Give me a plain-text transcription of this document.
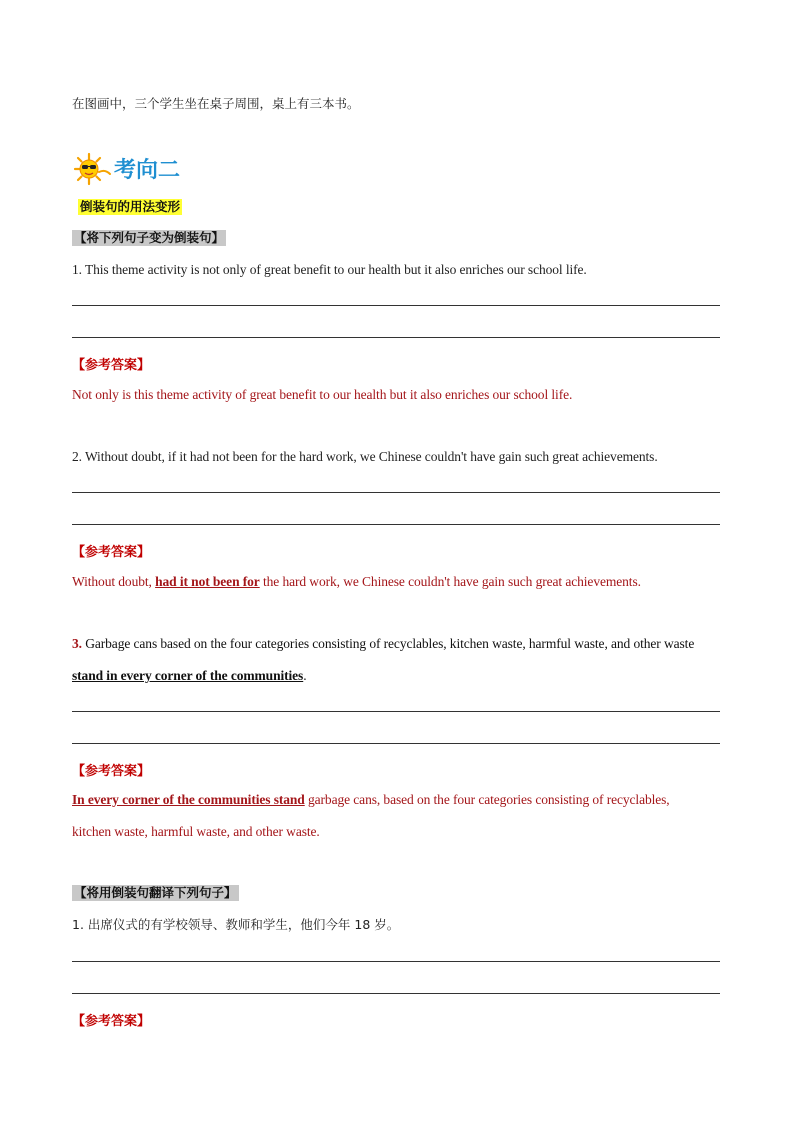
在图画中，三个学生坐在桌子周围，桌上有三本书。
考向二
倒装句的用法变形
【将下列句子变为倒装句】
1. This theme activity is not only of great benefit to our health but it also enriches our school life.
【参考答案】
Not only is this theme activity of great benefit to our health but it also enriches our school life.
2. Without doubt, if it had not been for the hard work, we Chinese couldn't have gain such great achievements.
【参考答案】
Without doubt, had it not been for the hard work, we Chinese couldn't have gain such great achievements.
3. Garbage cans based on the four categories consisting of recyclables, kitchen waste, harmful waste, and other waste
stand in every corner of the communities.
【参考答案】
In every corner of the communities stand garbage cans, based on the four categories consisting of recyclables,
kitchen waste, harmful waste, and other waste.
【将用倒装句翻译下列句子】
1. 出席仪式的有学校领导、教师和学生，他们今年 18 岁。
【参考答案】
